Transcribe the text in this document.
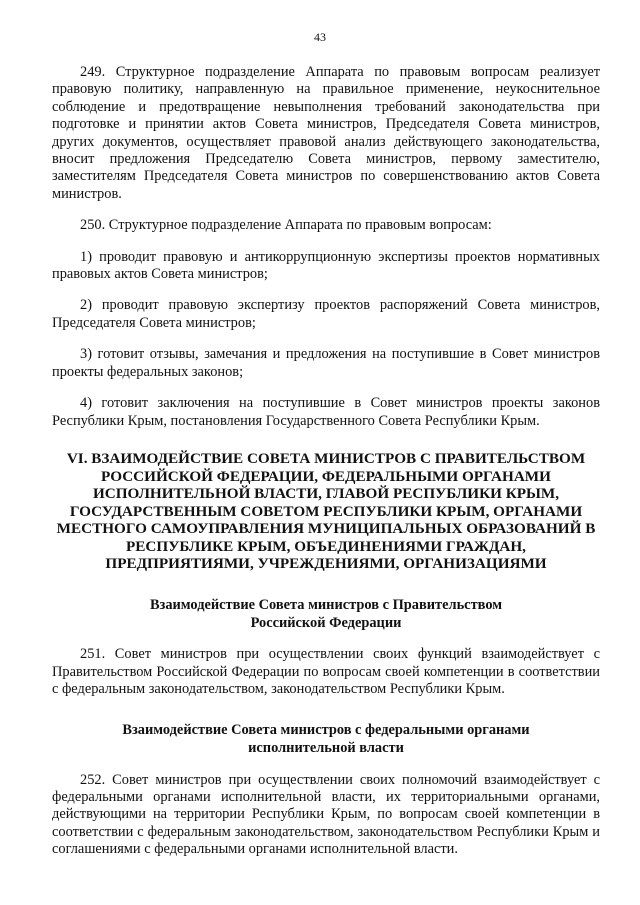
43

249. Структурное подразделение Аппарата по правовым вопросам реализует правовую политику, направленную на правильное применение, неукоснительное соблюдение и предотвращение невыполнения требований законодательства при подготовке и принятии актов Совета министров, Председателя Совета министров, других документов, осуществляет правовой анализ действующего законодательства, вносит предложения Председателю Совета министров, первому заместителю, заместителям Председателя Совета министров по совершенствованию актов Совета министров.

250. Структурное подразделение Аппарата по правовым вопросам:

1) проводит правовую и антикоррупционную экспертизы проектов нормативных правовых актов Совета министров;

2) проводит правовую экспертизу проектов распоряжений Совета министров, Председателя Совета министров;

3) готовит отзывы, замечания и предложения на поступившие в Совет министров проекты федеральных законов;

4) готовит заключения на поступившие в Совет министров проекты законов Республики Крым, постановления Государственного Совета Республики Крым.

VI. ВЗАИМОДЕЙСТВИЕ СОВЕТА МИНИСТРОВ С ПРАВИТЕЛЬСТВОМ РОССИЙСКОЙ ФЕДЕРАЦИИ, ФЕДЕРАЛЬНЫМИ ОРГАНАМИ ИСПОЛНИТЕЛЬНОЙ ВЛАСТИ, ГЛАВОЙ РЕСПУБЛИКИ КРЫМ, ГОСУДАРСТВЕННЫМ СОВЕТОМ РЕСПУБЛИКИ КРЫМ, ОРГАНАМИ МЕСТНОГО САМОУПРАВЛЕНИЯ МУНИЦИПАЛЬНЫХ ОБРАЗОВАНИЙ В РЕСПУБЛИКЕ КРЫМ, ОБЪЕДИНЕНИЯМИ ГРАЖДАН, ПРЕДПРИЯТИЯМИ, УЧРЕЖДЕНИЯМИ, ОРГАНИЗАЦИЯМИ

Взаимодействие Совета министров с Правительством Российской Федерации

251. Совет министров при осуществлении своих функций взаимодействует с Правительством Российской Федерации по вопросам своей компетенции в соответствии с федеральным законодательством, законодательством Республики Крым.

Взаимодействие Совета министров с федеральными органами исполнительной власти

252. Совет министров при осуществлении своих полномочий взаимодействует с федеральными органами исполнительной власти, их территориальными органами, действующими на территории Республики Крым, по вопросам своей компетенции в соответствии с федеральным законодательством, законодательством Республики Крым и соглашениями с федеральными органами исполнительной власти.
